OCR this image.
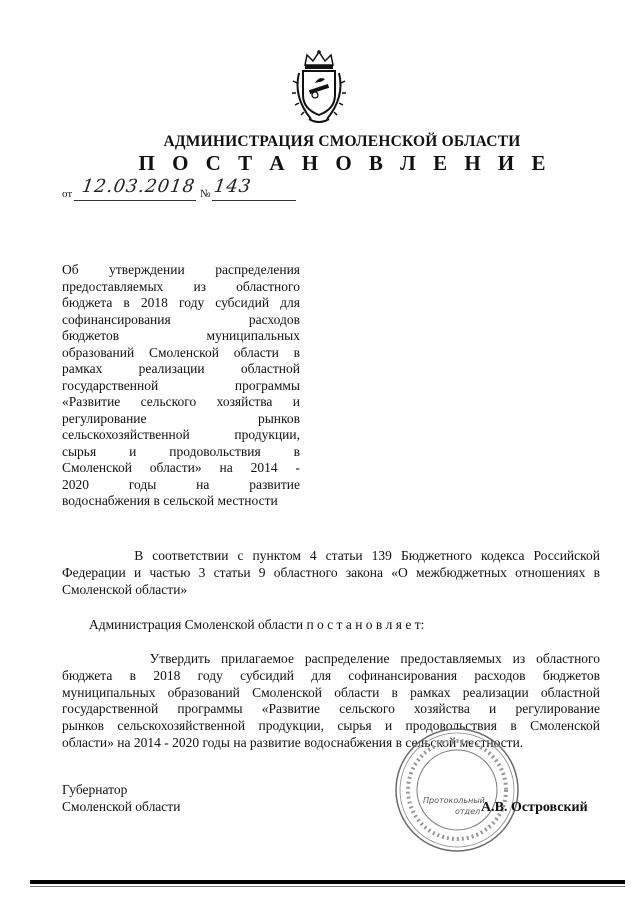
АДМИНИСТРАЦИЯ СМОЛЕНСКОЙ ОБЛАСТИ
П О С Т А Н О В Л Е Н И Е
от 12.03.2018 № 143
Об утверждении распределения
предоставляемых из областного
бюджета в 2018 году субсидий для
софинансирования расходов
бюджетов муниципальных
образований Смоленской области в
рамках реализации областной
государственной программы
«Развитие сельского хозяйства и
регулирование рынков
сельскохозяйственной продукции,
сырья и продовольствия в
Смоленской области» на 2014 -
2020 годы на развитие
водоснабжения в сельской местности
В соответствии с пунктом 4 статьи 139 Бюджетного кодекса Российской
Федерации и частью 3 статьи 9 областного закона «О межбюджетных отношениях в
Смоленской области»
Администрация Смоленской области п о с т а н о в л я е т:
Утвердить прилагаемое распределение предоставляемых из областного
бюджета в 2018 году субсидий для софинансирования расходов бюджетов
муниципальных образований Смоленской области в рамках реализации областной
государственной программы «Развитие сельского хозяйства и регулирование
рынков сельскохозяйственной продукции, сырья и продовольствия в Смоленской
области» на 2014 - 2020 годы на развитие водоснабжения в сельской местности.
Протокольный
отдел
Губернатор
Смоленской области	А.В. Островский
